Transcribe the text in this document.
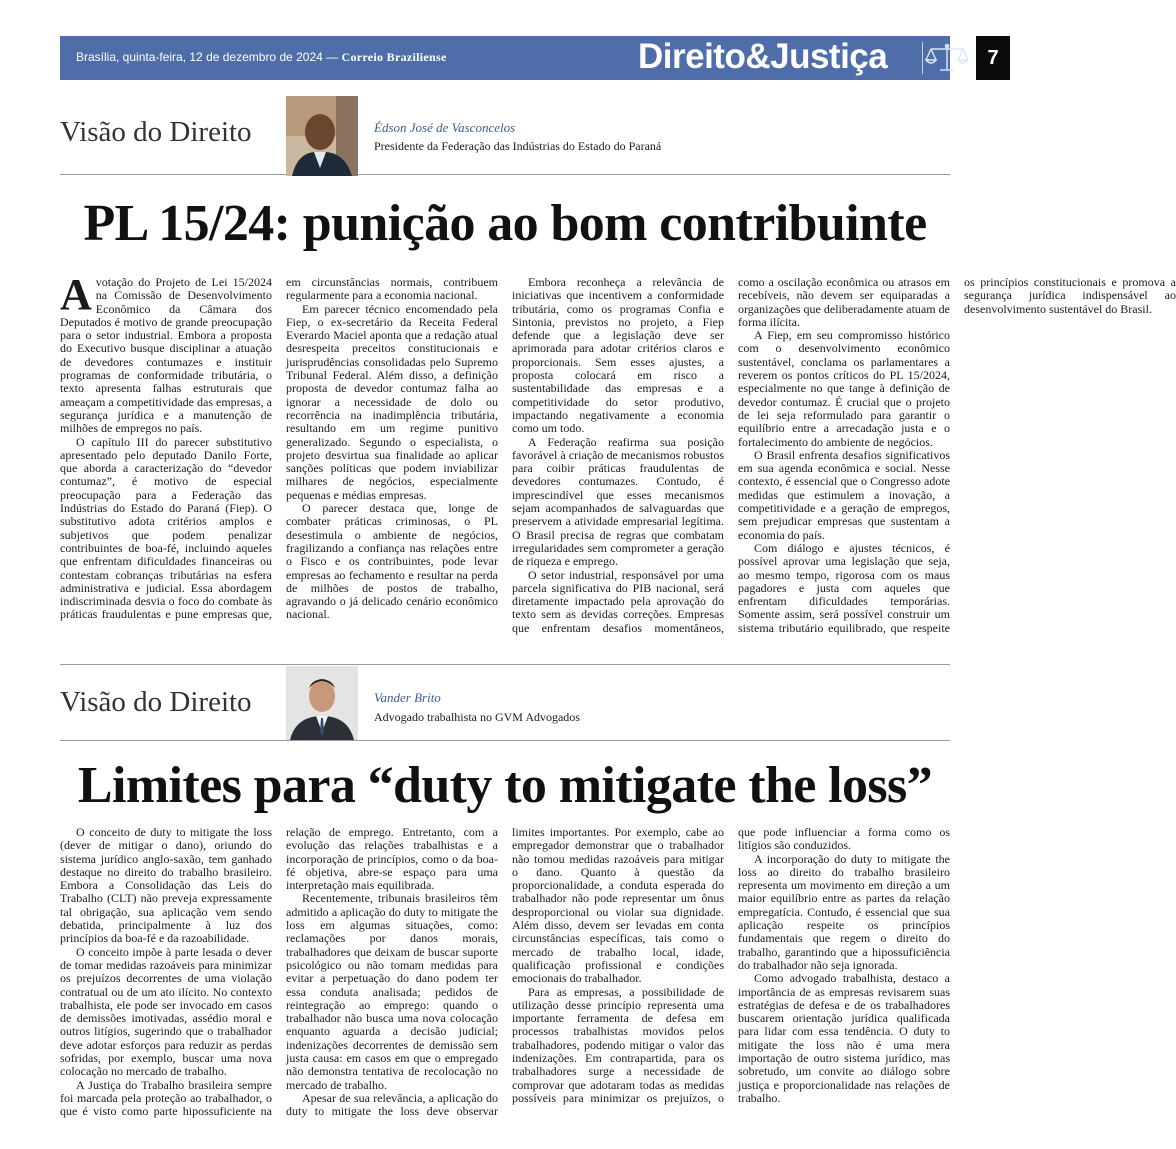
Brasília, quinta-feira, 12 de dezembro de 2024 — Correio Braziliense	Direito&Justiça	7
Visão do Direito	Édson José de Vasconcelos
Presidente da Federação das Indústrias do Estado do Paraná
PL 15/24: punição ao bom contribuinte

Avotação do Projeto de Lei 15/2024 na Comissão de Desenvolvimento Econômico da Câmara dos Deputados é motivo de grande preocupação para o setor industrial. Embora a proposta do Executivo busque disciplinar a atuação de devedores contumazes e instituir programas de conformidade tributária, o texto apresenta falhas estruturais que ameaçam a competitividade das empresas, a segurança jurídica e a manutenção de milhões de empregos no país.

O capítulo III do parecer substitutivo apresentado pelo deputado Danilo Forte, que aborda a caracterização do “devedor contumaz”, é motivo de especial preocupação para a Federação das Indústrias do Estado do Paraná (Fiep). O substitutivo adota critérios amplos e subjetivos que podem penalizar contribuintes de boa-fé, incluindo aqueles que enfrentam dificuldades financeiras ou contestam cobranças tributárias na esfera administrativa e judicial. Essa abordagem indiscriminada desvia o foco do combate às práticas fraudulentas e pune empresas que, em circunstâncias normais, contribuem regularmente para a economia nacional.

Em parecer técnico encomendado pela Fiep, o ex-secretário da Receita Federal Everardo Maciel aponta que a redação atual desrespeita preceitos constitucionais e jurisprudências consolidadas pelo Supremo Tribunal Federal. Além disso, a definição proposta de devedor contumaz falha ao ignorar a necessidade de dolo ou recorrência na inadimplência tributária, resultando em um regime punitivo generalizado. Segundo o especialista, o projeto desvirtua sua finalidade ao aplicar sanções políticas que podem inviabilizar milhares de negócios, especialmente pequenas e médias empresas.

O parecer destaca que, longe de combater práticas criminosas, o PL desestimula o ambiente de negócios, fragilizando a confiança nas relações entre o Fisco e os contribuintes, pode levar empresas ao fechamento e resultar na perda de milhões de postos de trabalho, agravando o já delicado cenário econômico nacional.

Embora reconheça a relevância de iniciativas que incentivem a conformidade tributária, como os programas Confia e Sintonia, previstos no projeto, a Fiep defende que a legislação deve ser aprimorada para adotar critérios claros e proporcionais. Sem esses ajustes, a proposta colocará em risco a sustentabilidade das empresas e a competitividade do setor produtivo, impactando negativamente a economia como um todo.

A Federação reafirma sua posição favorável à criação de mecanismos robustos para coibir práticas fraudulentas de devedores contumazes. Contudo, é imprescindível que esses mecanismos sejam acompanhados de salvaguardas que preservem a atividade empresarial legítima. O Brasil precisa de regras que combatam irregularidades sem comprometer a geração de riqueza e emprego.

O setor industrial, responsável por uma parcela significativa do PIB nacional, será diretamente impactado pela aprovação do texto sem as devidas correções. Empresas que enfrentam desafios momentâneos, como a oscilação econômica ou atrasos em recebíveis, não devem ser equiparadas a organizações que deliberadamente atuam de forma ilícita.

A Fiep, em seu compromisso histórico com o desenvolvimento econômico sustentável, conclama os parlamentares a reverem os pontos críticos do PL 15/2024, especialmente no que tange à definição de devedor contumaz. É crucial que o projeto de lei seja reformulado para garantir o equilíbrio entre a arrecadação justa e o fortalecimento do ambiente de negócios.

O Brasil enfrenta desafios significativos em sua agenda econômica e social. Nesse contexto, é essencial que o Congresso adote medidas que estimulem a inovação, a competitividade e a geração de empregos, sem prejudicar empresas que sustentam a economia do país.

Com diálogo e ajustes técnicos, é possível aprovar uma legislação que seja, ao mesmo tempo, rigorosa com os maus pagadores e justa com aqueles que enfrentam dificuldades temporárias. Somente assim, será possível construir um sistema tributário equilibrado, que respeite os princípios constitucionais e promova a segurança jurídica indispensável ao desenvolvimento sustentável do Brasil.

Visão do Direito	Vander Brito
Advogado trabalhista no GVM Advogados
Limites para “duty to mitigate the loss”

O conceito de duty to mitigate the loss (dever de mitigar o dano), oriundo do sistema jurídico anglo-saxão, tem ganhado destaque no direito do trabalho brasileiro. Embora a Consolidação das Leis do Trabalho (CLT) não preveja expressamente tal obrigação, sua aplicação vem sendo debatida, principalmente à luz dos princípios da boa-fé e da razoabilidade.

O conceito impõe à parte lesada o dever de tomar medidas razoáveis para minimizar os prejuízos decorrentes de uma violação contratual ou de um ato ilícito. No contexto trabalhista, ele pode ser invocado em casos de demissões imotivadas, assédio moral e outros litígios, sugerindo que o trabalhador deve adotar esforços para reduzir as perdas sofridas, por exemplo, buscar uma nova colocação no mercado de trabalho.

A Justiça do Trabalho brasileira sempre foi marcada pela proteção ao trabalhador, o que é visto como parte hipossuficiente na relação de emprego. Entretanto, com a evolução das relações trabalhistas e a incorporação de princípios, como o da boa-fé objetiva, abre-se espaço para uma interpretação mais equilibrada.

Recentemente, tribunais brasileiros têm admitido a aplicação do duty to mitigate the loss em algumas situações, como: reclamações por danos morais, trabalhadores que deixam de buscar suporte psicológico ou não tomam medidas para evitar a perpetuação do dano podem ter essa conduta analisada; pedidos de reintegração ao emprego: quando o trabalhador não busca uma nova colocação enquanto aguarda a decisão judicial; indenizações decorrentes de demissão sem justa causa: em casos em que o empregado não demonstra tentativa de recolocação no mercado de trabalho.

Apesar de sua relevância, a aplicação do duty to mitigate the loss deve observar limites importantes. Por exemplo, cabe ao empregador demonstrar que o trabalhador não tomou medidas razoáveis para mitigar o dano. Quanto à questão da proporcionalidade, a conduta esperada do trabalhador não pode representar um ônus desproporcional ou violar sua dignidade. Além disso, devem ser levadas em conta circunstâncias específicas, tais como o mercado de trabalho local, idade, qualificação profissional e condições emocionais do trabalhador.

Para as empresas, a possibilidade de utilização desse princípio representa uma importante ferramenta de defesa em processos trabalhistas movidos pelos trabalhadores, podendo mitigar o valor das indenizações. Em contrapartida, para os trabalhadores surge a necessidade de comprovar que adotaram todas as medidas possíveis para minimizar os prejuízos, o que pode influenciar a forma como os litígios são conduzidos.

A incorporação do duty to mitigate the loss ao direito do trabalho brasileiro representa um movimento em direção a um maior equilíbrio entre as partes da relação empregatícia. Contudo, é essencial que sua aplicação respeite os princípios fundamentais que regem o direito do trabalho, garantindo que a hipossuficiência do trabalhador não seja ignorada.

Como advogado trabalhista, destaco a importância de as empresas revisarem suas estratégias de defesa e de os trabalhadores buscarem orientação jurídica qualificada para lidar com essa tendência. O duty to mitigate the loss não é uma mera importação de outro sistema jurídico, mas sobretudo, um convite ao diálogo sobre justiça e proporcionalidade nas relações de trabalho.
